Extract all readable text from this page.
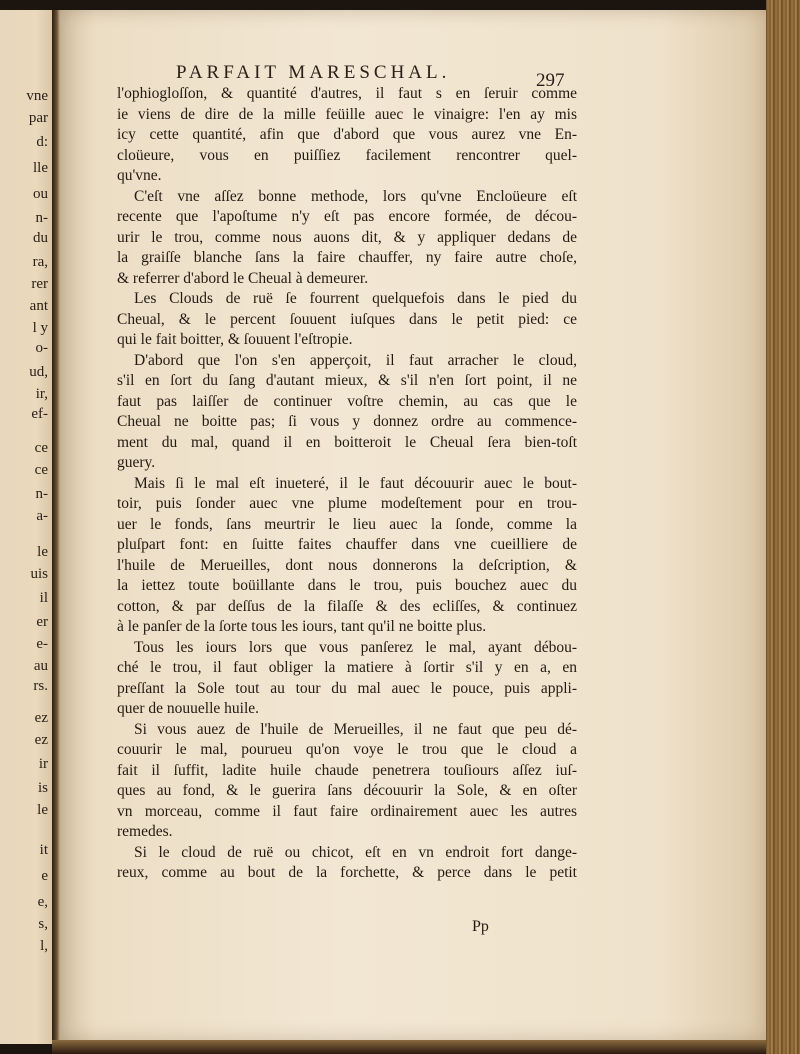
vne
par
d:
lle
ou
n-
du
ra,
rer
ant
l y
o-
ud,
ir,
ef-
ce
ce
n-
a-
le
uis
il
er
e-
au
rs.
ez
ez
ir
is
le
it
e
e,
s,
l,
PARFAIT MARESCHAL.	297
l'ophiogloſſon, & quantité d'autres, il faut s en ſeruir comme
ie viens de dire de la mille feüille auec le vinaigre: l'en ay mis
icy cette quantité, afin que d'abord que vous aurez vne En-
cloüeure, vous en puiſſiez facilement rencontrer quel-
qu'vne.
C'eſt vne aſſez bonne methode, lors qu'vne Encloüeure eſt
recente que l'apoſtume n'y eſt pas encore formée, de décou-
urir le trou, comme nous auons dit, & y appliquer dedans de
la graiſſe blanche ſans la faire chauffer, ny faire autre choſe,
& referrer d'abord le Cheual à demeurer.
Les Clouds de ruë ſe fourrent quelquefois dans le pied du
Cheual, & le percent ſouuent iuſques dans le petit pied: ce
qui le fait boitter, & ſouuent l'eſtropie.
D'abord que l'on s'en apperçoit, il faut arracher le cloud,
s'il en ſort du ſang d'autant mieux, & s'il n'en ſort point, il ne
faut pas laiſſer de continuer voſtre chemin, au cas que le
Cheual ne boitte pas; ſi vous y donnez ordre au commence-
ment du mal, quand il en boitteroit le Cheual ſera bien-toſt
guery.
Mais ſi le mal eſt inueteré, il le faut découurir auec le bout-
toir, puis ſonder auec vne plume modeſtement pour en trou-
uer le fonds, ſans meurtrir le lieu auec la ſonde, comme la
pluſpart font: en ſuitte faites chauffer dans vne cueilliere de
l'huile de Merueilles, dont nous donnerons la deſcription, &
la iettez toute boüillante dans le trou, puis bouchez auec du
cotton, & par deſſus de la filaſſe & des ecliſſes, & continuez
à le panſer de la ſorte tous les iours, tant qu'il ne boitte plus.
Tous les iours lors que vous panſerez le mal, ayant débou-
ché le trou, il faut obliger la matiere à ſortir s'il y en a, en
preſſant la Sole tout au tour du mal auec le pouce, puis appli-
quer de nouuelle huile.
Si vous auez de l'huile de Merueilles, il ne faut que peu dé-
couurir le mal, pourueu qu'on voye le trou que le cloud a
fait il ſuffit, ladite huile chaude penetrera touſiours aſſez iuſ-
ques au fond, & le guerira ſans découurir la Sole, & en oſter
vn morceau, comme il faut faire ordinairement auec les autres
remedes.
Si le cloud de ruë ou chicot, eſt en vn endroit fort dange-
reux, comme au bout de la forchette, & perce dans le petit
Pp
